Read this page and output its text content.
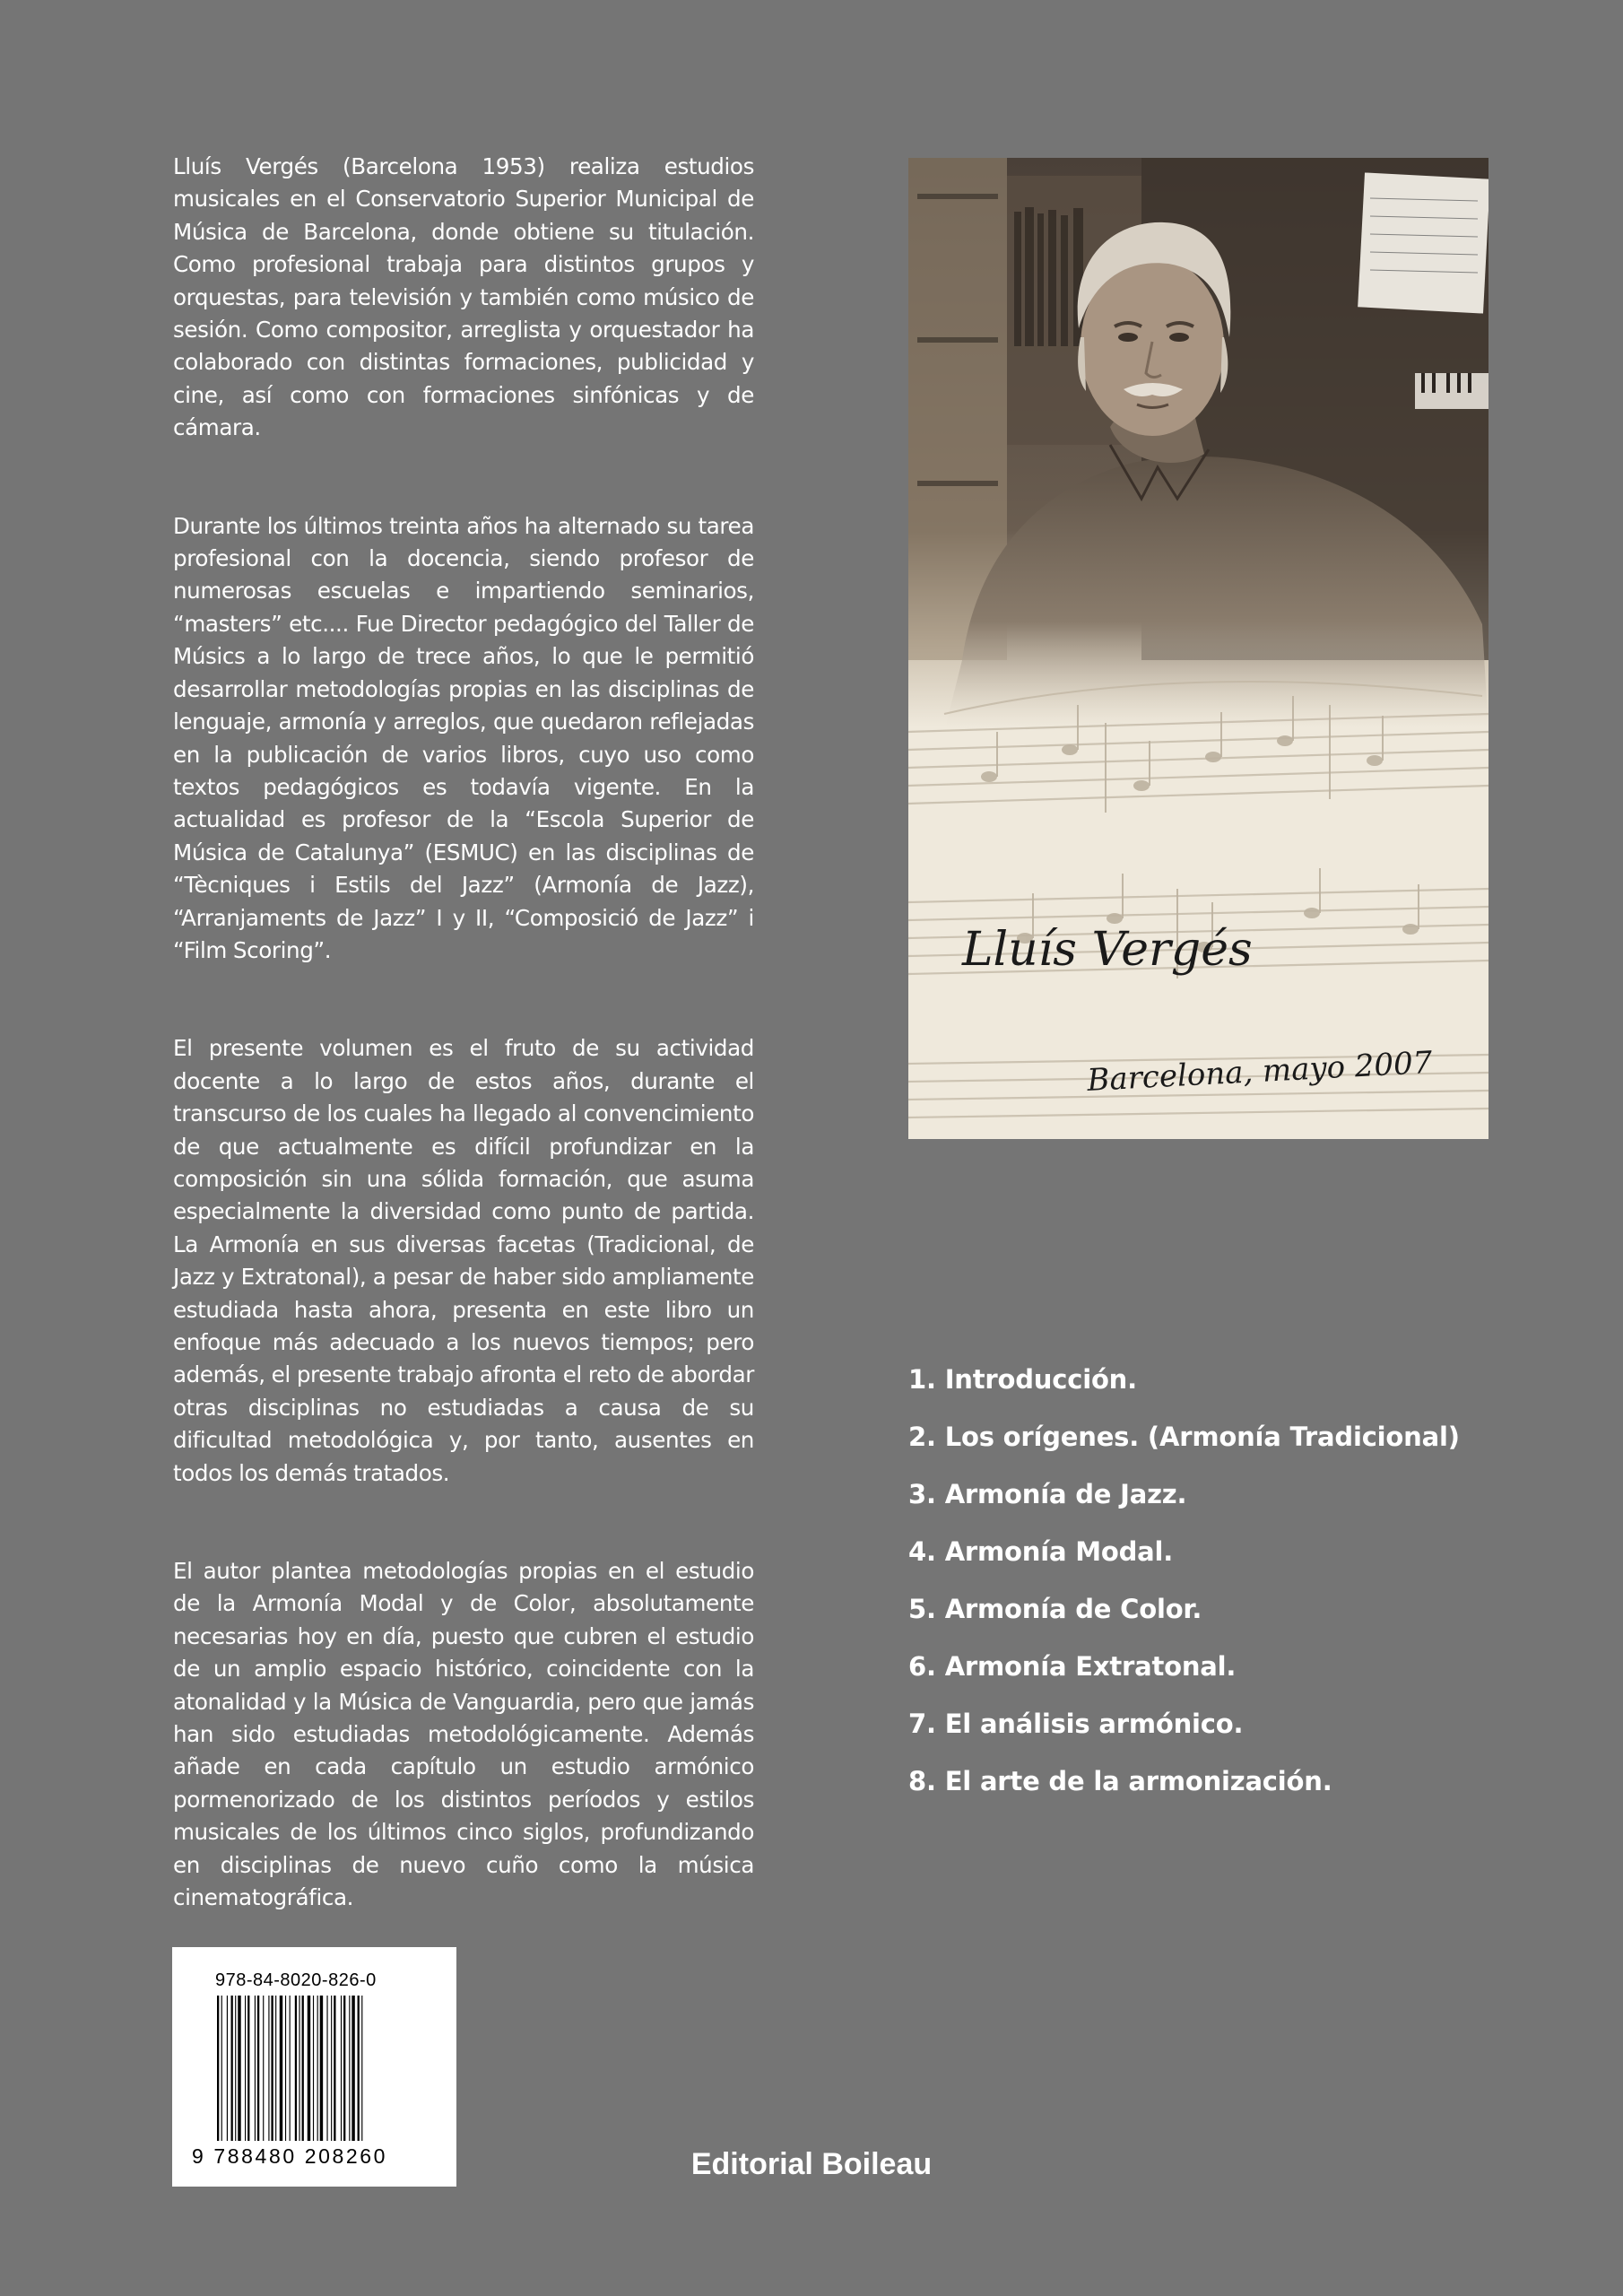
Lluís Vergés (Barcelona 1953) realiza estudios musicales en el Conservatorio Superior Municipal de Música de Barcelona, donde obtiene su titulación. Como profesional trabaja para distintos grupos y orquestas, para televisión y también como músico de sesión. Como compositor, arreglista y orquestador ha colaborado con distintas formaciones, publicidad y cine, así como con formaciones sinfónicas y de cámara.

Durante los últimos treinta años ha alternado su tarea profesional con la docencia, siendo profesor de numerosas escuelas e impartiendo seminarios, “masters” etc.... Fue Director pedagógico del Taller de Músics a lo largo de trece años, lo que le permitió desarrollar metodologías propias en las disciplinas de lenguaje, armonía y arreglos, que quedaron reflejadas en la publicación de varios libros, cuyo uso como textos pedagógicos es todavía vigente. En la actualidad es profesor de la “Escola Superior de Música de Catalunya” (ESMUC) en las disciplinas de “Tècniques i Estils del Jazz” (Armonía de Jazz), “Arranjaments de Jazz” I y II, “Composició de Jazz” i “Film Scoring”.

El presente volumen es el fruto de su actividad docente a lo largo de estos años, durante el transcurso de los cuales ha llegado al convencimiento de que actualmente es difícil profundizar en la composición sin una sólida formación, que asuma especialmente la diversidad como punto de partida. La Armonía en sus diversas facetas (Tradicional, de Jazz y Extratonal), a pesar de haber sido ampliamente estudiada hasta ahora, presenta en este libro un enfoque más adecuado a los nuevos tiempos; pero además, el presente trabajo afronta el reto de abordar otras disciplinas no estudiadas a causa de su dificultad metodológica y, por tanto, ausentes en todos los demás tratados.

El autor plantea metodologías propias en el estudio de la Armonía Modal y de Color, absolutamente necesarias hoy en día, puesto que cubren el estudio de un amplio espacio histórico, coincidente con la atonalidad y la Música de Vanguardia, pero que jamás han sido estudiadas metodológicamente. Además añade en cada capítulo un estudio armónico pormenorizado de los distintos períodos y estilos musicales de los últimos cinco siglos, profundizando en disciplinas de nuevo cuño como la música cinematográfica.

Lluís Vergés
Barcelona, mayo 2007
1. Introducción.
2. Los orígenes. (Armonía Tradicional)
3. Armonía de Jazz.
4. Armonía Modal.
5. Armonía de Color.
6. Armonía Extratonal.
7. El análisis armónico.
8. El arte de la armonización.
978-84-8020-826-0
9 788480 208260	Editorial Boileau
